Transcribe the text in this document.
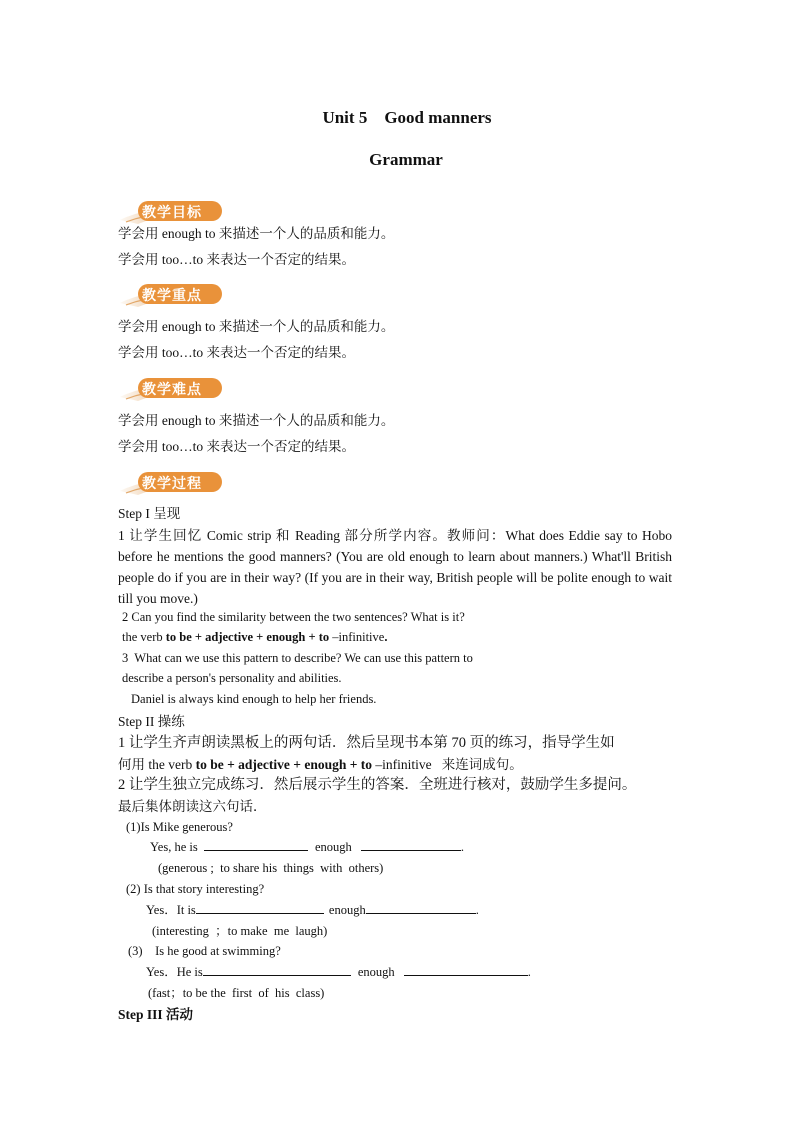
Unit 5    Good manners
Grammar
教学目标
学会用 enough to 来描述一个人的品质和能力。
学会用 too…to 来表达一个否定的结果。
教学重点
学会用 enough to 来描述一个人的品质和能力。
学会用 too…to 来表达一个否定的结果。
教学难点
学会用 enough to 来描述一个人的品质和能力。
学会用 too…to 来表达一个否定的结果。
教学过程
Step I 呈现
1 让学生回忆 Comic strip 和 Reading 部分所学内容。教师问：What does Eddie say to Hobo before he mentions the good manners? (You are old enough to learn about manners.) What'll British people do if you are in their way? (If you are in their way, British people will be polite enough to wait till you move.)
2 Can you find the similarity between the two sentences? What is it?
the verb to be + adjective + enough + to –infinitive.
3  What can we use this pattern to describe? We can use this pattern to
describe a person's personality and abilities.
Daniel is always kind enough to help her friends.
Step II 操练
1 让学生齐声朗读黑板上的两句话．然后呈现书本第 70 页的练习，指导学生如
何用 the verb to be + adjective + enough + to –infinitive   来连词成句。
2 让学生独立完成练习．然后展示学生的答案．全班进行核对，鼓励学生多提问。
最后集体朗读这六句话．
(1)Is Mike generous?
Yes, he is	enough	.
(generous ;  to share his  things  with  others)
(2) Is that story interesting?
Yes．It is	enough	.
(interesting  ；to make  me  laugh)
(3)    Is he good at swimming?
Yes．He is	enough	.
(fast；to be the  first  of  his  class)
Step III 活动
